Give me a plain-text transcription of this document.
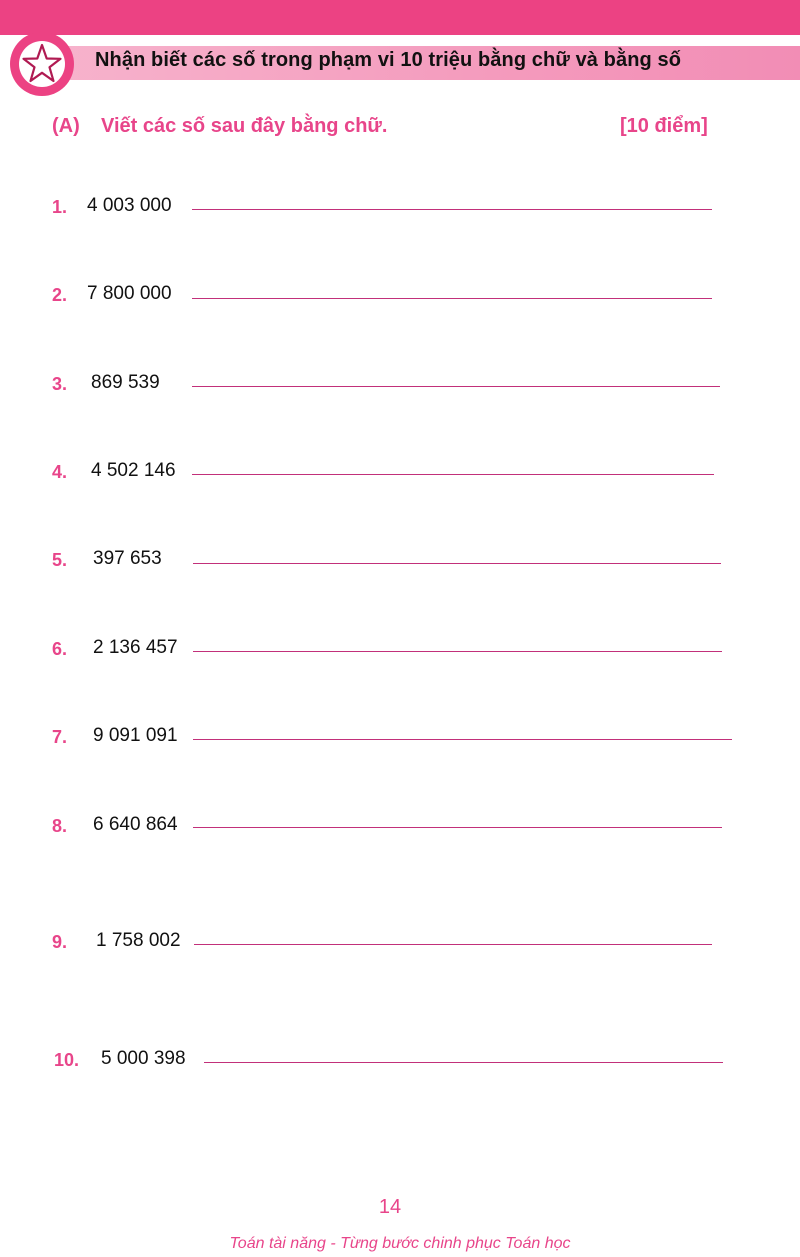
Nhận biết các số trong phạm vi 10 triệu bằng chữ và bằng số
(A) Viết các số sau đây bằng chữ.	[10 điểm]
1. 4 003 000
2. 7 800 000
3. 869 539
4. 4 502 146
5. 397 653
6. 2 136 457
7. 9 091 091
8. 6 640 864
9. 1 758 002
10. 5 000 398
14
Toán tài năng - Từng bước chinh phục Toán học
